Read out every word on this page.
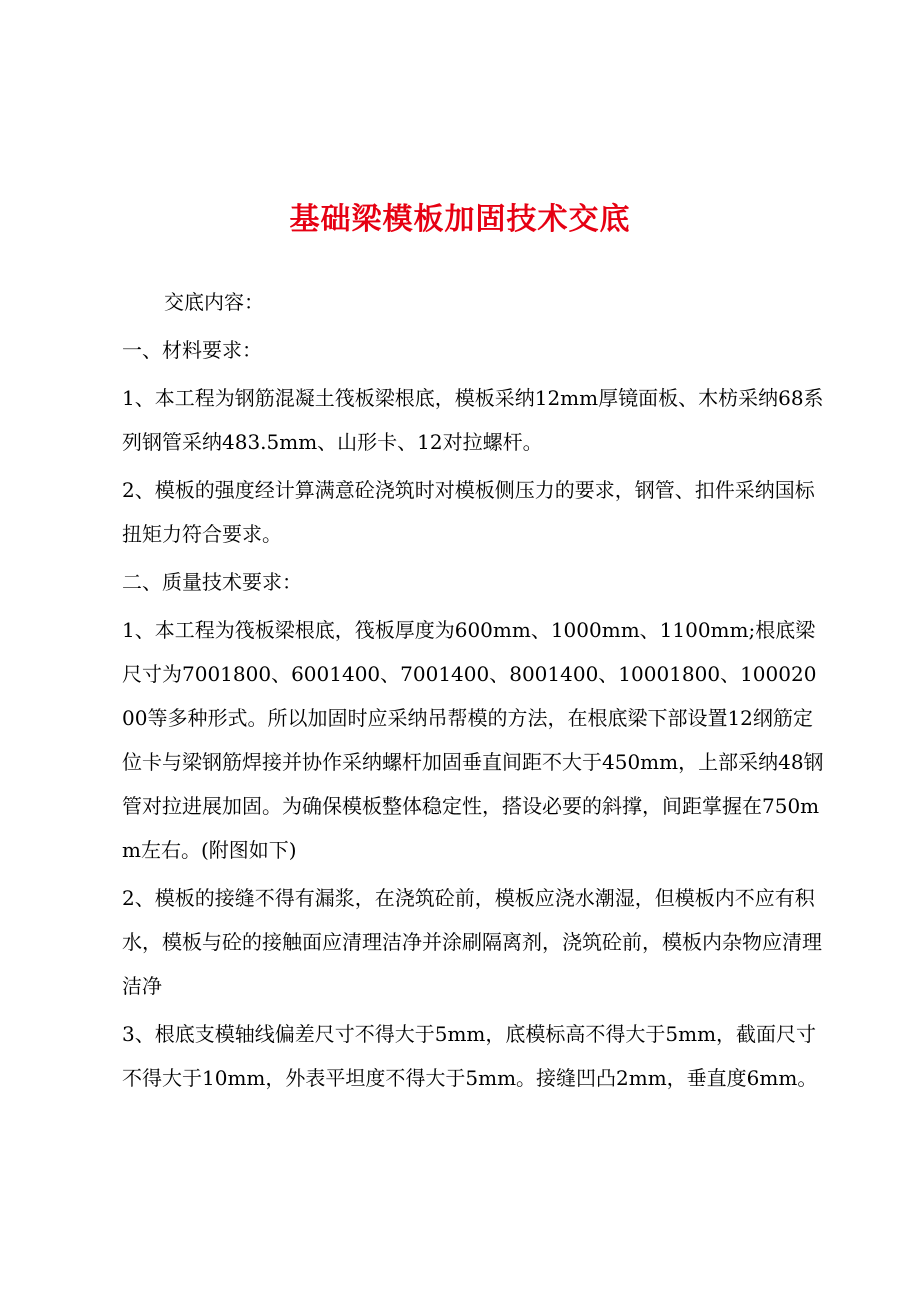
基础梁模板加固技术交底

交底内容：

一、材料要求：

1、本工程为钢筋混凝土筏板梁根底，模板采纳12mm厚镜面板、木枋采纳68系列钢管采纳483.5mm、山形卡、12对拉螺杆。

2、模板的强度经计算满意砼浇筑时对模板侧压力的要求，钢管、扣件采纳国标扭矩力符合要求。

二、质量技术要求：

1、本工程为筏板梁根底，筏板厚度为600mm、1000mm、1100mm;根底梁尺寸为7001800、6001400、7001400、8001400、10001800、10002000等多种形式。所以加固时应采纳吊帮模的方法，在根底梁下部设置12纲筋定位卡与梁钢筋焊接并协作采纳螺杆加固垂直间距不大于450mm，上部采纳48钢管对拉进展加固。为确保模板整体稳定性，搭设必要的斜撑，间距掌握在750mm左右。(附图如下)

2、模板的接缝不得有漏浆，在浇筑砼前，模板应浇水潮湿，但模板内不应有积水，模板与砼的接触面应清理洁净并涂刷隔离剂，浇筑砼前，模板内杂物应清理洁净

3、根底支模轴线偏差尺寸不得大于5mm，底模标高不得大于5mm，截面尺寸不得大于10mm，外表平坦度不得大于5mm。接缝凹凸2mm，垂直度6mm。
